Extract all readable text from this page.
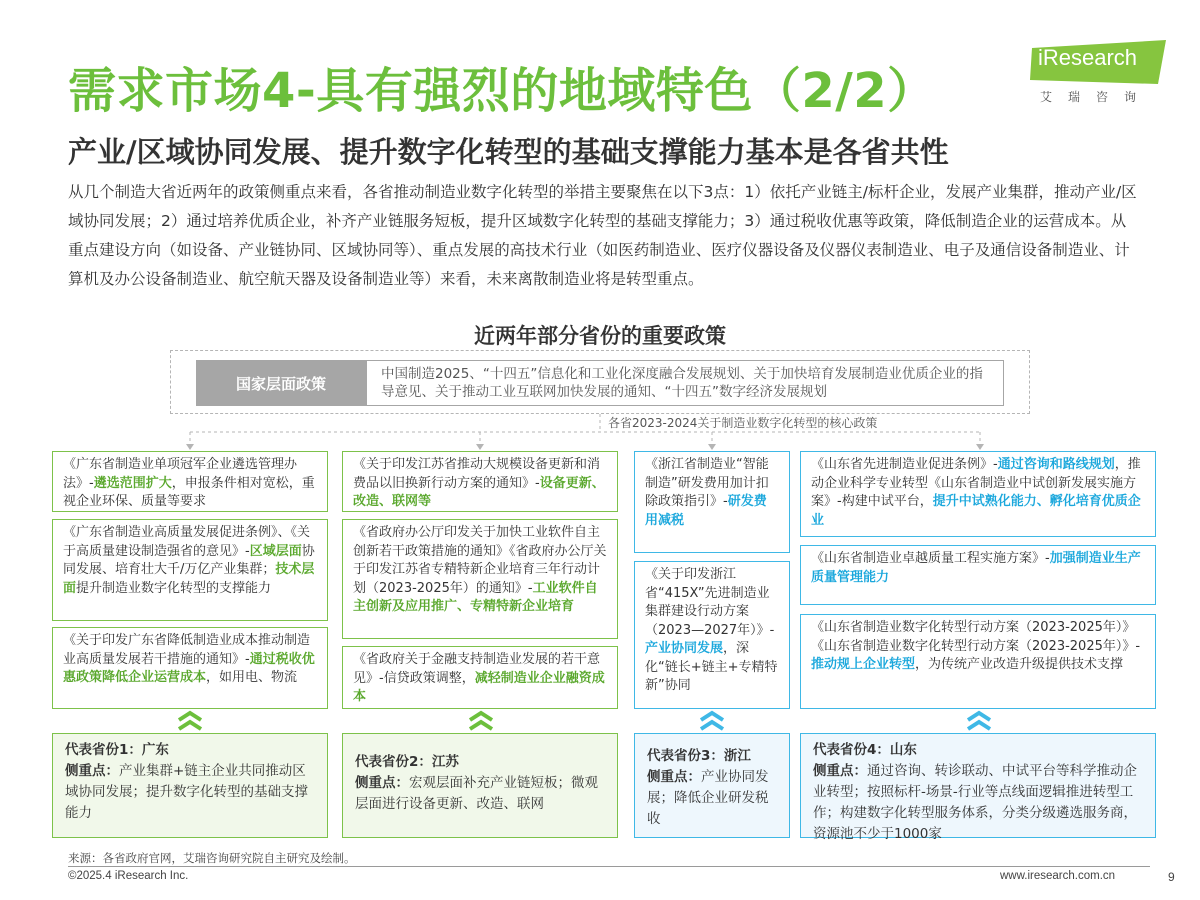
需求市场4-具有强烈的地域特色（2/2）
iResearch
艾瑞咨询
产业/区域协同发展、提升数字化转型的基础支撑能力基本是各省共性
从几个制造大省近两年的政策侧重点来看，各省推动制造业数字化转型的举措主要聚焦在以下3点：1）依托产业链主/标杆企业，发展产业集群，推动产业/区域协同发展；2）通过培养优质企业，补齐产业链服务短板，提升区域数字化转型的基础支撑能力；3）通过税收优惠等政策，降低制造企业的运营成本。从重点建设方向（如设备、产业链协同、区域协同等）、重点发展的高技术行业（如医药制造业、医疗仪器设备及仪器仪表制造业、电子及通信设备制造业、计算机及办公设备制造业、航空航天器及设备制造业等）来看，未来离散制造业将是转型重点。
近两年部分省份的重要政策
国家层面政策
中国制造2025、“十四五”信息化和工业化深度融合发展规划、关于加快培育发展制造业优质企业的指导意见、关于推动工业互联网加快发展的通知、“十四五”数字经济发展规划
各省2023-2024关于制造业数字化转型的核心政策
《广东省制造业单项冠军企业遴选管理办法》-遴选范围扩大，申报条件相对宽松，重视企业环保、质量等要求
《广东省制造业高质量发展促进条例》、《关于高质量建设制造强省的意见》-区域层面协同发展、培育壮大千/万亿产业集群；技术层面提升制造业数字化转型的支撑能力
《关于印发广东省降低制造业成本推动制造业高质量发展若干措施的通知》-通过税收优惠政策降低企业运营成本，如用电、物流
《关于印发江苏省推动大规模设备更新和消费品以旧换新行动方案的通知》-设备更新、改造、联网等
《省政府办公厅印发关于加快工业软件自主创新若干政策措施的通知》《省政府办公厅关于印发江苏省专精特新企业培育三年行动计划（2023-2025年）的通知》-工业软件自主创新及应用推广、专精特新企业培育
《省政府关于金融支持制造业发展的若干意见》-信贷政策调整，减轻制造业企业融资成本
《浙江省制造业“智能制造”研发费用加计扣除政策指引》-研发费用减税
《关于印发浙江省“415X”先进制造业集群建设行动方案（2023—2027年）》-产业协同发展，深化“链长+链主+专精特新”协同
《山东省先进制造业促进条例》-通过咨询和路线规划，推动企业科学专业转型《山东省制造业中试创新发展实施方案》-构建中试平台，提升中试熟化能力、孵化培育优质企业
《山东省制造业卓越质量工程实施方案》-加强制造业生产质量管理能力
《山东省制造业数字化转型行动方案（2023-2025年）》《山东省制造业数字化转型行动方案（2023-2025年）》-推动规上企业转型，为传统产业改造升级提供技术支撑
代表省份1：广东
侧重点：产业集群+链主企业共同推动区域协同发展；提升数字化转型的基础支撑能力
代表省份2：江苏
侧重点：宏观层面补充产业链短板；微观层面进行设备更新、改造、联网
代表省份3：浙江
侧重点：产业协同发展；降低企业研发税收
代表省份4：山东
侧重点：通过咨询、转诊联动、中试平台等科学推动企业转型；按照标杆-场景-行业等点线面逻辑推进转型工作；构建数字化转型服务体系，分类分级遴选服务商，资源池不少于1000家
来源：各省政府官网，艾瑞咨询研究院自主研究及绘制。
©2025.4 iResearch Inc.	www.iresearch.com.cn	9
